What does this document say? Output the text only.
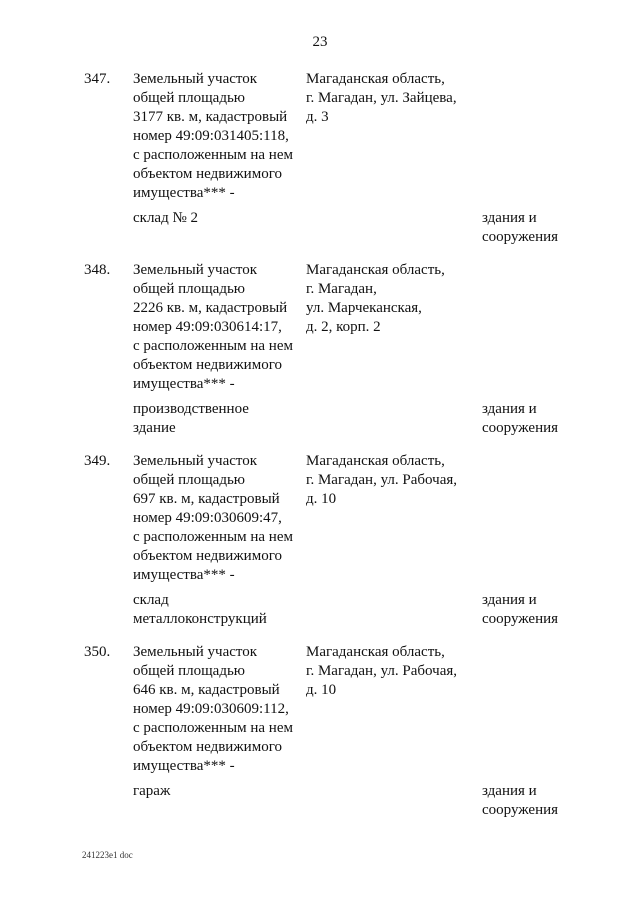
23
347. Земельный участок
общей площадью
3177 кв. м, кадастровый
номер 49:09:031405:118,
с расположенным на нем
объектом недвижимого
имущества*** -
Магаданская область,
г. Магадан, ул. Зайцева,
д. 3
склад № 2	здания и
сооружения
348. Земельный участок
общей площадью
2226 кв. м, кадастровый
номер 49:09:030614:17,
с расположенным на нем
объектом недвижимого
имущества*** -
Магаданская область,
г. Магадан,
ул. Марчеканская,
д. 2, корп. 2
производственное
здание
здания и
сооружения
349. Земельный участок
общей площадью
697 кв. м, кадастровый
номер 49:09:030609:47,
с расположенным на нем
объектом недвижимого
имущества*** -
Магаданская область,
г. Магадан, ул. Рабочая,
д. 10
склад
металлоконструкций
здания и
сооружения
350. Земельный участок
общей площадью
646 кв. м, кадастровый
номер 49:09:030609:112,
с расположенным на нем
объектом недвижимого
имущества*** -
Магаданская область,
г. Магадан, ул. Рабочая,
д. 10
гараж	здания и
сооружения
241223e1 doc
